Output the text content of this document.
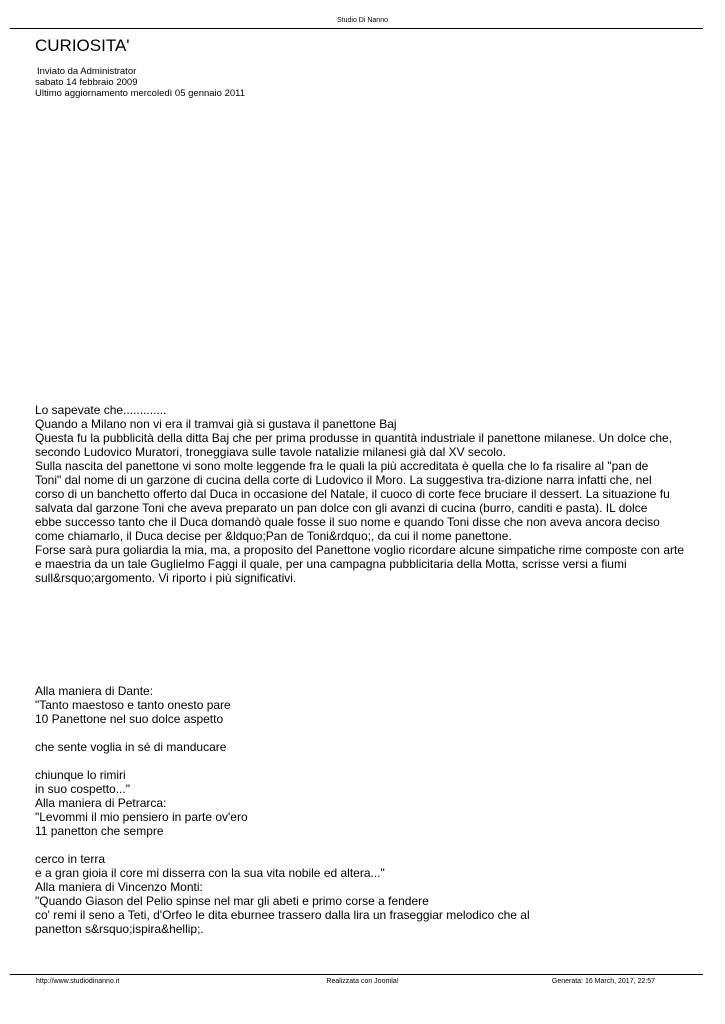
Studio Di Nanno
CURIOSITA'
Inviato da Administrator
sabato 14 febbraio 2009
Ultimo aggiornamento mercoledì 05 gennaio 2011
Lo sapevate che.............
Quando a Milano non vi era il tramvai già si gustava il panettone Baj
Questa fu la pubblicità della ditta Baj che per prima produsse in quantità industriale il panettone milanese. Un dolce che,
secondo Ludovico Muratori, troneggiava sulle tavole natalizie milanesi già dal XV secolo.
Sulla nascita del panettone vi sono molte leggende fra le quali la più accreditata è quella che lo fa risalire al "pan de
Toni" dal nome di un garzone di cucina della corte di Ludovico il Moro. La suggestiva tra-dizione narra infatti che, nel
corso di un banchetto offerto dal Duca in occasione del Natale, il cuoco di corte fece bruciare il dessert. La situazione fu
salvata dal garzone Toni che aveva preparato un pan dolce con gli avanzi di cucina (burro, canditi e pasta). IL dolce
ebbe successo tanto che il Duca domandò quale fosse il suo nome e quando Toni disse che non aveva ancora deciso
come chiamarlo, il Duca decise per &ldquo;Pan de Toni&rdquo;, da cui il nome panettone.
Forse sarà pura goliardia la mia, ma, a proposito del Panettone voglio ricordare alcune simpatiche rime composte con arte
e maestria da un tale Guglielmo Faggi il quale, per una campagna pubblicitaria della Motta, scrisse versi a fiumi
sull&rsquo;argomento. Vi riporto i più significativi.
Alla maniera di Dante:
"Tanto maestoso e tanto onesto pare
10 Panettone nel suo dolce aspetto
che sente voglia in sé di manducare
chiunque lo rimiri
in suo cospetto..."
Alla maniera di Petrarca:
"Levommi il mio pensiero in parte ov'ero
11 panetton che sempre
cerco in terra
e a gran gioia il core mi disserra con la sua vita nobile ed altera..."
Alla maniera di Vincenzo Monti:
"Quando Giason del Pelio spinse nel mar gli abeti e primo corse a fendere
co' remi il seno a Teti, d'Orfeo le dita eburnee trassero dalla lira un fraseggiar melodico che al
panetton s&rsquo;ispira&hellip;.
Realizzata con Joomla!
http://www.studiodinanno.it	Generata: 16 March, 2017, 22:57
